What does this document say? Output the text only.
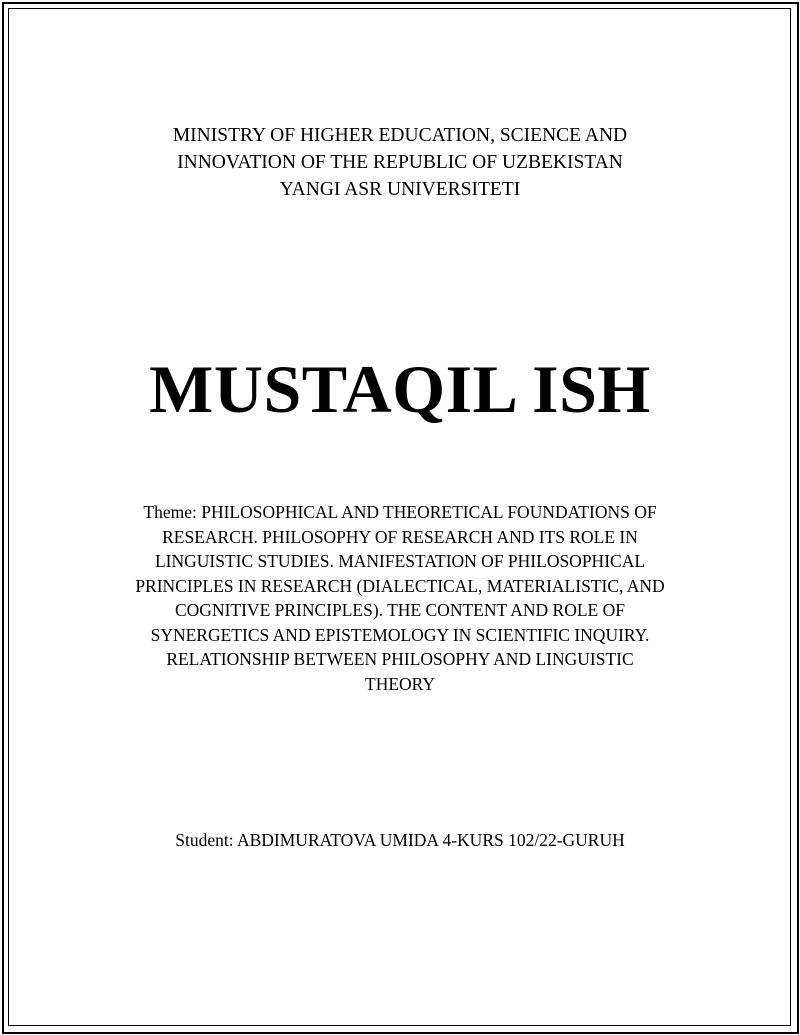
MINISTRY OF HIGHER EDUCATION, SCIENCE AND
INNOVATION OF THE REPUBLIC OF UZBEKISTAN
YANGI ASR UNIVERSITETI
MUSTAQIL ISH
Theme: PHILOSOPHICAL AND THEORETICAL FOUNDATIONS OF
RESEARCH. PHILOSOPHY OF RESEARCH AND ITS ROLE IN
LINGUISTIC STUDIES. MANIFESTATION OF PHILOSOPHICAL
PRINCIPLES IN RESEARCH (DIALECTICAL, MATERIALISTIC, AND
COGNITIVE PRINCIPLES). THE CONTENT AND ROLE OF
SYNERGETICS AND EPISTEMOLOGY IN SCIENTIFIC INQUIRY.
RELATIONSHIP BETWEEN PHILOSOPHY AND LINGUISTIC
THEORY
Student: ABDIMURATOVA UMIDA 4-KURS 102/22-GURUH
